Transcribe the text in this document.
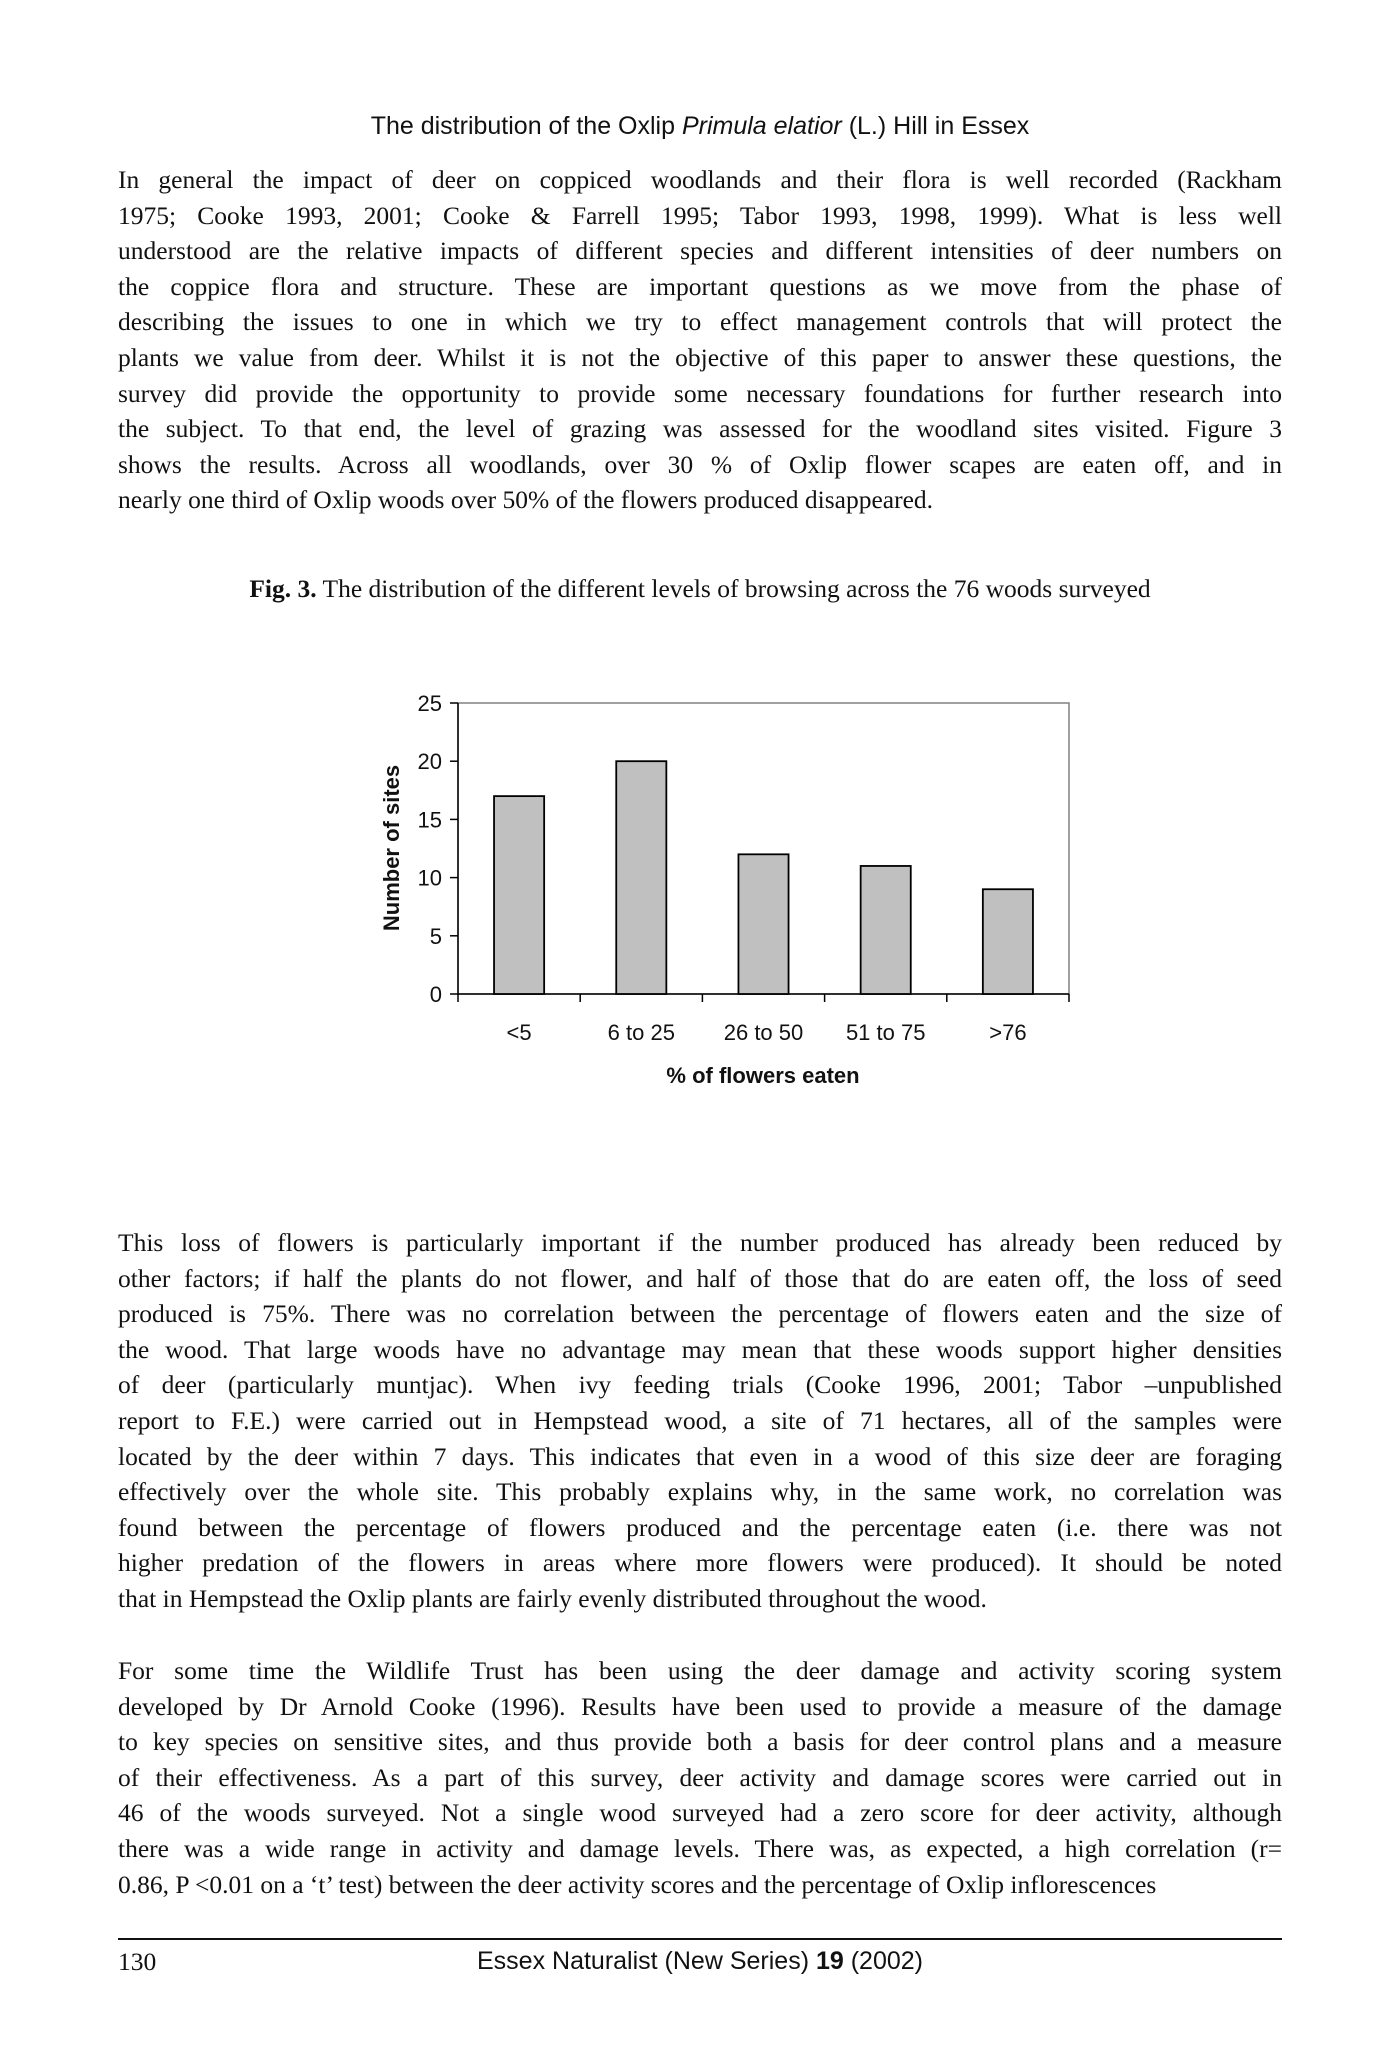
The distribution of the Oxlip Primula elatior (L.) Hill in Essex
In general the impact of deer on coppiced woodlands and their flora is well recorded (Rackham
1975; Cooke 1993, 2001; Cooke & Farrell 1995; Tabor 1993, 1998, 1999). What is less well
understood are the relative impacts of different species and different intensities of deer numbers on
the coppice flora and structure. These are important questions as we move from the phase of
describing the issues to one in which we try to effect management controls that will protect the
plants we value from deer. Whilst it is not the objective of this paper to answer these questions, the
survey did provide the opportunity to provide some necessary foundations for further research into
the subject. To that end, the level of grazing was assessed for the woodland sites visited. Figure 3
shows the results. Across all woodlands, over 30 % of Oxlip flower scapes are eaten off, and in
nearly one third of Oxlip woods over 50% of the flowers produced disappeared.
Fig. 3. The distribution of the different levels of browsing across the 76 woods surveyed
0
5
10
15
20
25
<5	6 to 25 26 to 50 51 to 75	>76
Number of sites
% of flowers eaten
This loss of flowers is particularly important if the number produced has already been reduced by
other factors; if half the plants do not flower, and half of those that do are eaten off, the loss of seed
produced is 75%. There was no correlation between the percentage of flowers eaten and the size of
the wood. That large woods have no advantage may mean that these woods support higher densities
of deer (particularly muntjac). When ivy feeding trials (Cooke 1996, 2001; Tabor –unpublished
report to F.E.) were carried out in Hempstead wood, a site of 71 hectares, all of the samples were
located by the deer within 7 days. This indicates that even in a wood of this size deer are foraging
effectively over the whole site. This probably explains why, in the same work, no correlation was
found between the percentage of flowers produced and the percentage eaten (i.e. there was not
higher predation of the flowers in areas where more flowers were produced). It should be noted
that in Hempstead the Oxlip plants are fairly evenly distributed throughout the wood.
For some time the Wildlife Trust has been using the deer damage and activity scoring system
developed by Dr Arnold Cooke (1996). Results have been used to provide a measure of the damage
to key species on sensitive sites, and thus provide both a basis for deer control plans and a measure
of their effectiveness. As a part of this survey, deer activity and damage scores were carried out in
46 of the woods surveyed. Not a single wood surveyed had a zero score for deer activity, although
there was a wide range in activity and damage levels. There was, as expected, a high correlation (r=
0.86, P <0.01 on a ‘t’ test) between the deer activity scores and the percentage of Oxlip inflorescences
130	Essex Naturalist (New Series) 19 (2002)
